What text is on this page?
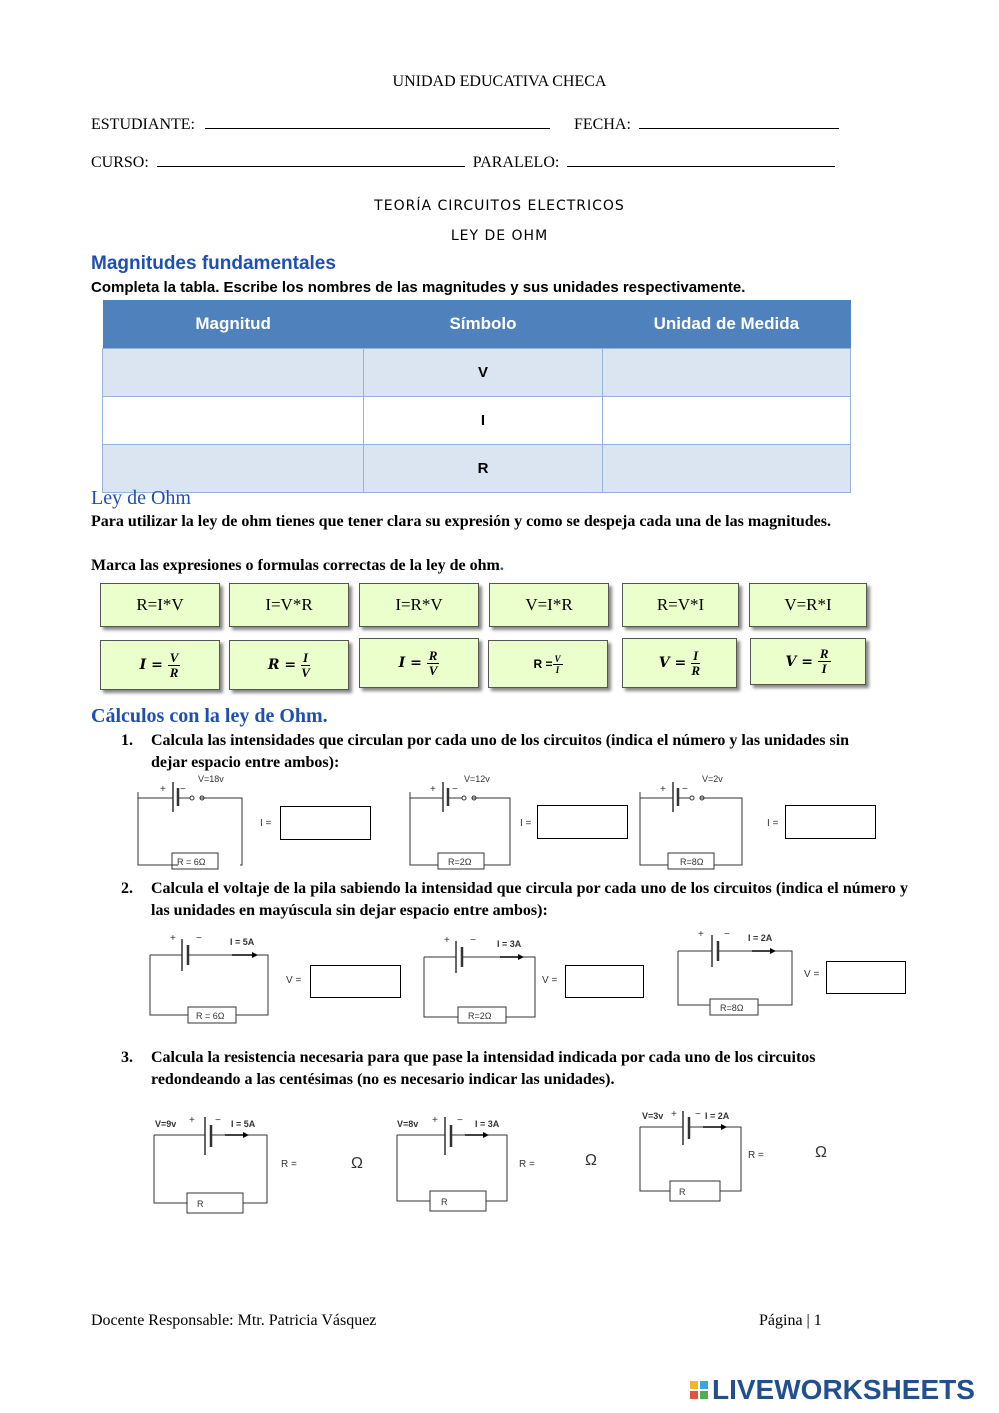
UNIDAD EDUCATIVA CHECA
ESTUDIANTE:	FECHA:
CURSO:	PARALELO:
TEORÍA CIRCUITOS ELECTRICOS
LEY DE OHM
Magnitudes fundamentales
Completa la tabla. Escribe los nombres de las magnitudes y sus unidades respectivamente.
Magnitud	Símbolo	Unidad de Medida
	V	
	I	
	R	
Ley de Ohm
Para utilizar la ley de ohm tienes que tener clara su expresión y como se despeja cada una de las magnitudes.
Marca las expresiones o formulas correctas de la ley de ohm.
R=I*V	I=V*R	I=R*V	V=I*R	R=V*I	V=R*I
$I = \frac{V}{R}$	$R = \frac{I}{V}$	$I = \frac{R}{V}$	$R = \frac{V}{I}$	$V = \frac{I}{R}$	$V = \frac{R}{I}$
Cálculos con la ley de Ohm.
1. Calcula las intensidades que circulan por cada uno de los circuitos (indica el número y las unidades sin dejar espacio entre ambos):
+ −	+ −	+ −
V=18v	V=12v	V=2v
R = 6Ω	R=2Ω	R=8Ω
I =	I =	I =
2. Calcula el voltaje de la pila sabiendo la intensidad que circula por cada uno de los circuitos (indica el número y las unidades en mayúscula sin dejar espacio entre ambos):
+ −	+ −
+ −
I = 5A	I = 3A
I = 2A
R = 6Ω	R=2Ω
R=8Ω
V =	V =
V =
3. Calcula la resistencia necesaria para que pase la intensidad indicada por cada uno de los circuitos redondeando a las centésimas (no es necesario indicar las unidades).
V=9v + − I = 5A	V=8v + − I = 3A
V=3v + − I = 2A
R	R
R
R =	R =
R =
Ω	Ω	Ω
Docente Responsable: Mtr. Patricia Vásquez	Página | 1
LIVEWORKSHEETS
